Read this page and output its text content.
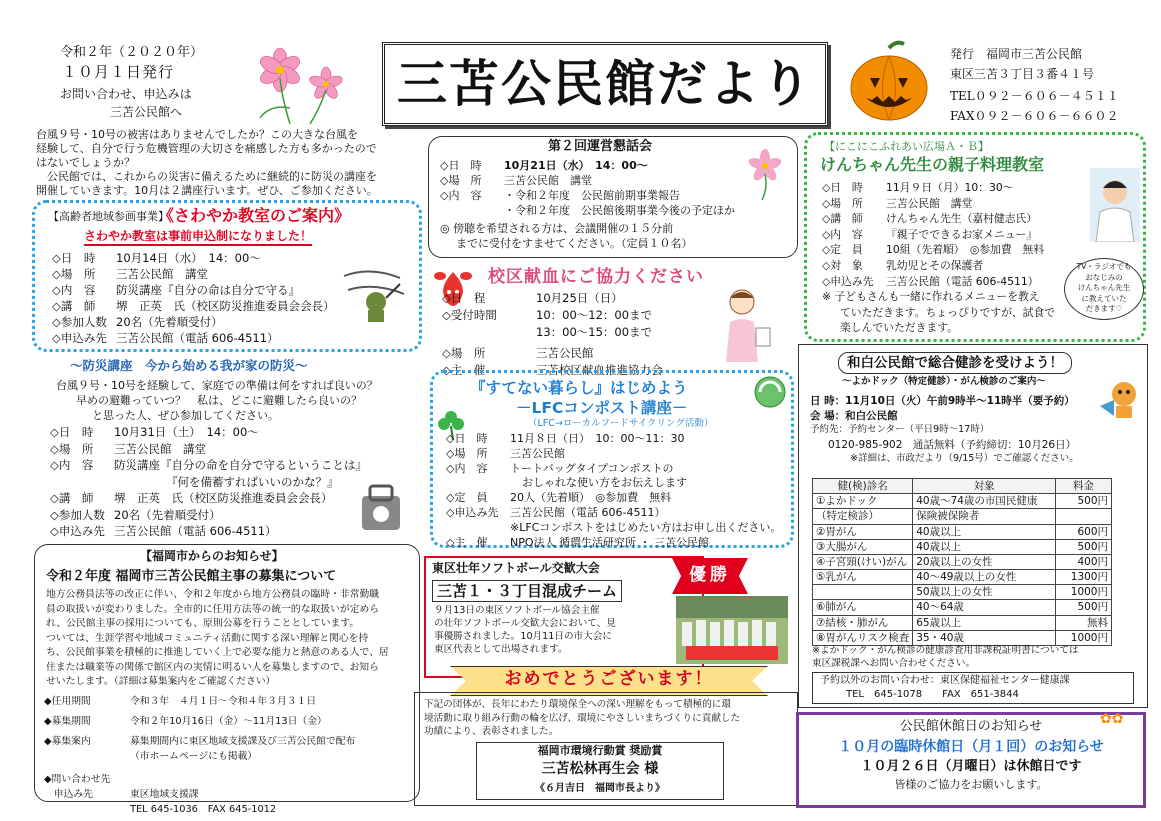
令和２年（２０２０年）
１０月１日発行
お問い合わせ、申込みは
三苫公民館へ	三苫公民館だより
発行　福岡市三苫公民館
東区三苫３丁目３番４１号
TEL０９２－６０６－４５１１
FAX０９２－６０６－６６０２

台風９号・10号の被害はありませんでしたか？この大きな台風を

経験して、自分で行う危機管理の大切さを痛感した方も多かったので

はないでしょうか？

　公民館では、これからの災害に備えるために継続的に防災の講座を

開催していきます。10月は２講座行います。ぜひ、ご参加ください。

【高齢者地域参画事業】
《さわやか教室のご案内》
さわやか教室は事前申込制になりました！
◇日　時	10月14日（水）　14：00～
◇場　所	三苫公民館　講堂
◇内　容	防災講座『自分の命は自分で守る』
◇講　師	堺　正英　氏（校区防災推進委員会会長）
◇参加人数 20名（先着順受付）
◇申込み先 三苫公民館（電話 606-4511）
～防災講座　今から始める我が家の防災～

台風９号・10号を経験して、家庭での準備は何をすれば良いの？

早めの避難っていつ？　私は、どこに避難したら良いの？

と思った人、ぜひ参加してください。

◇日　時	10月31日（土）　14：00～
◇場　所	三苫公民館　講堂
◇内　容	防災講座『自分の命を自分で守るということは』
『何を備蓄すればいいのかな？』
◇講　師	堺　正英　氏（校区防災推進委員会会長）
◇参加人数 20名（先着順受付）
◇申込み先 三苫公民館（電話 606-4511）
【福岡市からのお知らせ】
令和２年度 福岡市三苫公民館主事の募集について

地方公務員法等の改正に伴い、令和２年度から地方公務員の臨時・非常勤職

員の取扱いが変わりました。全市的に任用方法等の統一的な取扱いが定めら

れ、公民館主事の採用についても、原則公募を行うこととしています。

ついては、生涯学習や地域コミュニティ活動に関する深い理解と関心を持

ち、公民館事業を積極的に推進していく上で必要な能力と熱意のある人で、居

住または職業等の関係で館区内の実情に明るい人を募集しますので、お知ら

せいたします。（詳細は募集案内をご確認ください）

◆任用期間	令和３年　４月１日～令和４年３月３１日
◆募集期間	令和２年10月16日（金）～11月13日（金）
◆募集案内	募集期間内に東区地域支援課及び三苫公民館で配布
（市ホームページにも掲載）
◆問い合わせ先
　申込み先	東区地域支援課
TEL 645-1036　FAX 645-1012
第２回運営懇話会
◇日　時	10月21日（水）　14：00～
◇場　所	三苫公民館　講堂
◇内　容	・令和２年度　公民館前期事業報告
・令和２年度　公民館後期事業今後の予定ほか

◎ 傍聴を希望される方は、会議開催の１５分前

までに受付をすませてください。（定員１０名）

校区献血にご協力ください
◇日　程	10月25日（日）
◇受付時間	10：00～12：00まで
13：00～15：00まで
◇場　所	三苫公民館
◇主　催	三苫校区献血推進協力会
『すてない暮らし』はじめよう
－LFCコンポスト講座－
（LFC→ローカルフードサイクリング活動）
◇日　時	11月８日（日）　10：00～11：30
◇場　所	三苫公民館
◇内　容	トートバッグタイプコンポストの
おしゃれな使い方をお伝えします
◇定　員	20人（先着順）　◎参加費　無料
◇申込み先	三苫公民館（電話 606-4511）
※LFCコンポストをはじめたい方はお申し出ください。
◇主　催	NPO法人 循環生活研究所 ・ 三苫公民館
東区壮年ソフトボール交歓大会	優勝
三苫１・３丁目混成チーム

９月13日の東区ソフトボール協会主催

の壮年ソフトボール交歓大会において、見

事優勝されました。10月11日の市大会に

東区代表として出場されます。

おめでとうございます！

下記の団体が、長年にわたり環境保全への深い理解をもって積極的に環

境活動に取り組み行動の輪を広げ、環境にやさしいまちづくりに貢献した

功績により、表彰されました。

福岡市環境行動賞 奨励賞
三苫松林再生会 様
《６月吉日　福岡市長より》
【にこにこふれあい広場Ａ・Ｂ】
けんちゃん先生の親子料理教室
◇日　時	11月９日（月）10：30～
◇場　所	三苫公民館　講堂
◇講　師	けんちゃん先生（嘉村健志氏）
◇内　容	『親子でできるお家メニュー』
◇定　員	10組（先着順）　◎参加費　無料
◇対　象	乳幼児とその保護者
◇申込み先	三苫公民館（電話 606-4511）

※ 子どもさんも一緒に作れるメニューを教え

ていただきます。ちょっぴりですが、試食で

楽しんでいただきます。

TV・ラジオでも

おなじみの

けんちゃん先生

に教えていた

だきます♡

和白公民館で総合健診を受けよう！
～よかドック（特定健診）・がん検診のご案内～

日 時：11月10日（火）午前9時半～11時半（要予約）

会 場：和白公民館

予約先：予約センター（平日9時～17時）

0120-985-902　通話無料（予約締切：10月26日）

※詳細は、市政だより（9/15号）でご確認ください。

健(検)診名	対象	料金
①よかドック	40歳～74歳の市国民健康	500円
（特定検診）	保険被保険者	
②胃がん	40歳以上	600円
③大腸がん	40歳以上	500円
④子宮頸(けい)がん	20歳以上の女性	400円
⑤乳がん	40～49歳以上の女性	1300円
	50歳以上の女性	1000円
⑥肺がん	40～64歳	500円
⑦結核・肺がん	65歳以上	無料
⑧胃がんリスク検査	35・40歳	1000円

※よかドック・がん検診の健康診査用非課税証明書については

東区課税課へお問い合わせください。

予約以外のお問い合わせ：東区保健福祉センター健康課

TEL　645-1078　　FAX　651-3844

✿✿
公民館休館日のお知らせ
１０月の臨時休館日（月１回）のお知らせ
１０月２６日（月曜日）は休館日です
皆様のご協力をお願いします。
